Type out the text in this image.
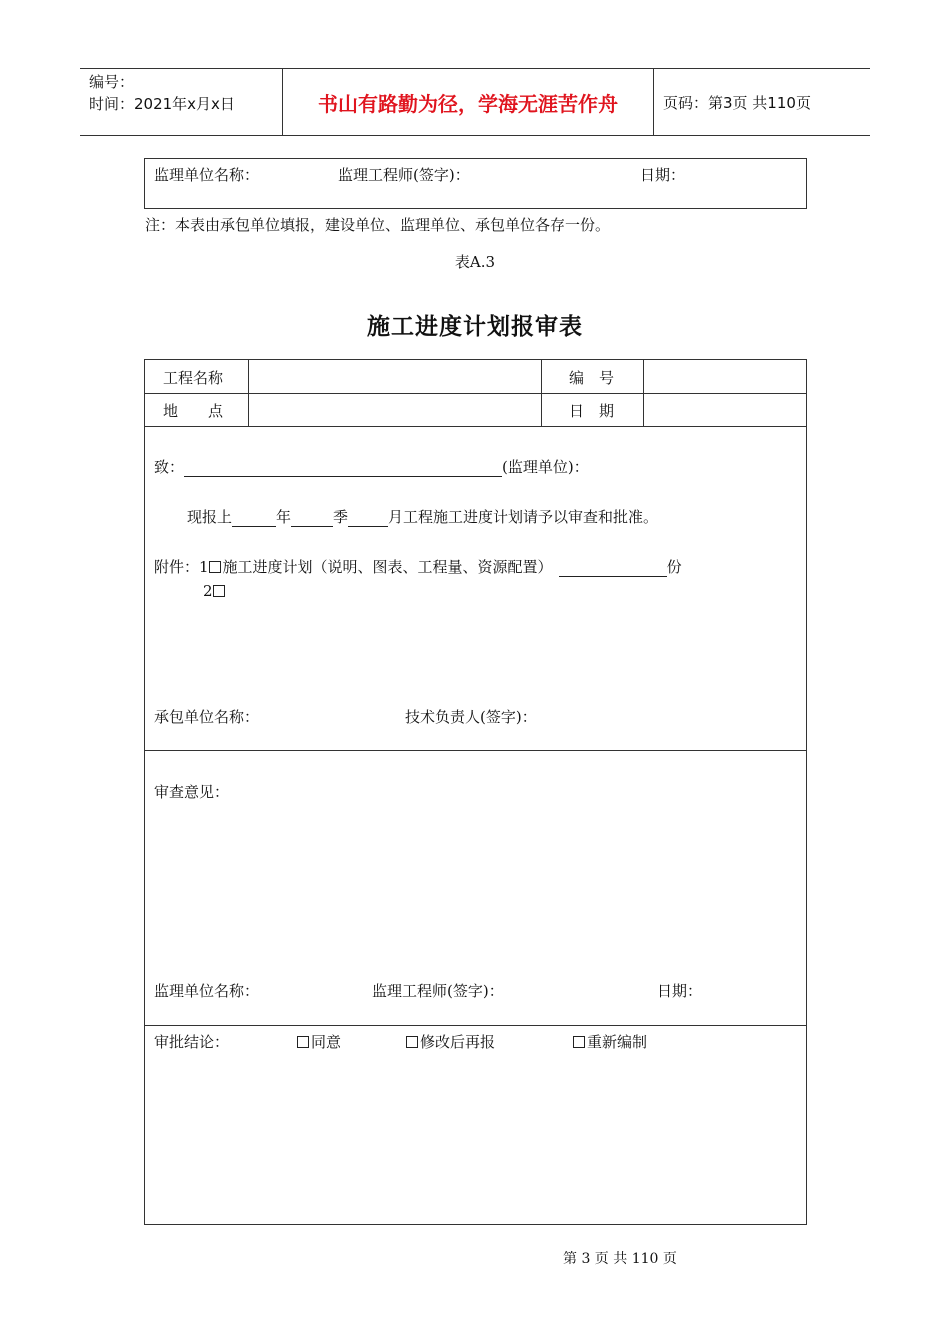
编号：
时间：2021年x月x日	书山有路勤为径，学海无涯苦作舟	页码：第3页 共110页
监理单位名称：	监理工程师(签字)：	日期：
注：本表由承包单位填报，建设单位、监理单位、承包单位各存一份。
表A.3
施工进度计划报审表
工程名称	编　号
地　　点	日　期
致：	(监理单位)：
现报上	年	季	月工程施工进度计划请予以审查和批准。
附件：1 施工进度计划（说明、图表、工程量、资源配置）	份
2
承包单位名称：	技术负责人(签字)：
审查意见：
监理单位名称：	监理工程师(签字)：	日期：
审批结论：	同意	修改后再报	重新编制
第 3 页 共 110 页
